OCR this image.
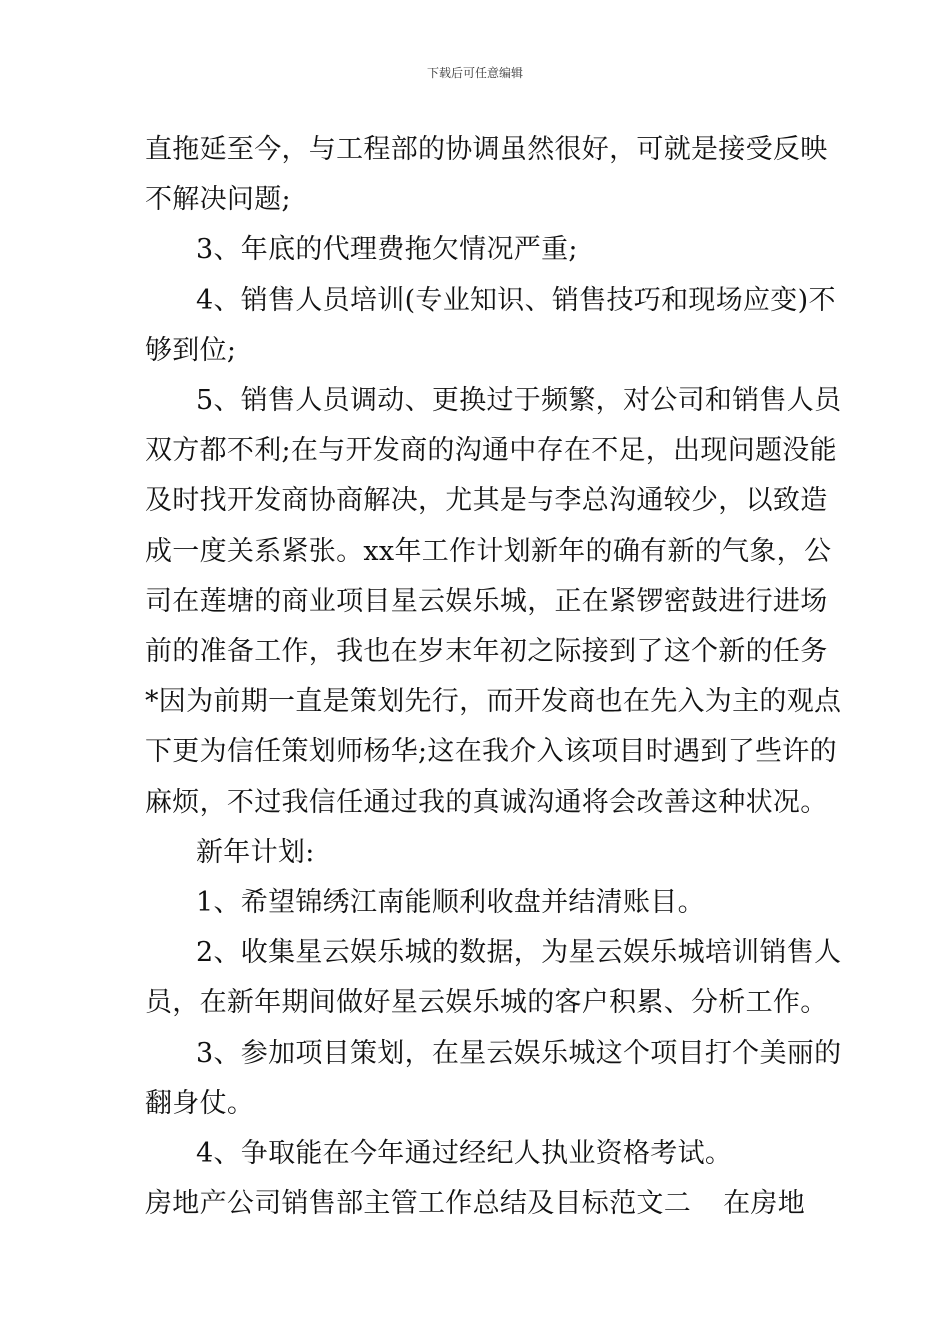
下载后可任意编辑
直拖延至今，与工程部的协调虽然很好，可就是接受反映
不解决问题;
3、年底的代理费拖欠情况严重;
4、销售人员培训(专业知识、销售技巧和现场应变)不
够到位;
5、销售人员调动、更换过于频繁，对公司和销售人员
双方都不利;在与开发商的沟通中存在不足，出现问题没能
及时找开发商协商解决，尤其是与李总沟通较少，以致造
成一度关系紧张。xx年工作计划新年的确有新的气象，公
司在莲塘的商业项目星云娱乐城，正在紧锣密鼓进行进场
前的准备工作，我也在岁末年初之际接到了这个新的任务
*因为前期一直是策划先行，而开发商也在先入为主的观点
下更为信任策划师杨华;这在我介入该项目时遇到了些许的
麻烦，不过我信任通过我的真诚沟通将会改善这种状况。
新年计划:
1、希望锦绣江南能顺利收盘并结清账目。
2、收集星云娱乐城的数据，为星云娱乐城培训销售人
员，在新年期间做好星云娱乐城的客户积累、分析工作。
3、参加项目策划，在星云娱乐城这个项目打个美丽的
翻身仗。
4、争取能在今年通过经纪人执业资格考试。
房地产公司销售部主管工作总结及目标范文二 在房地
